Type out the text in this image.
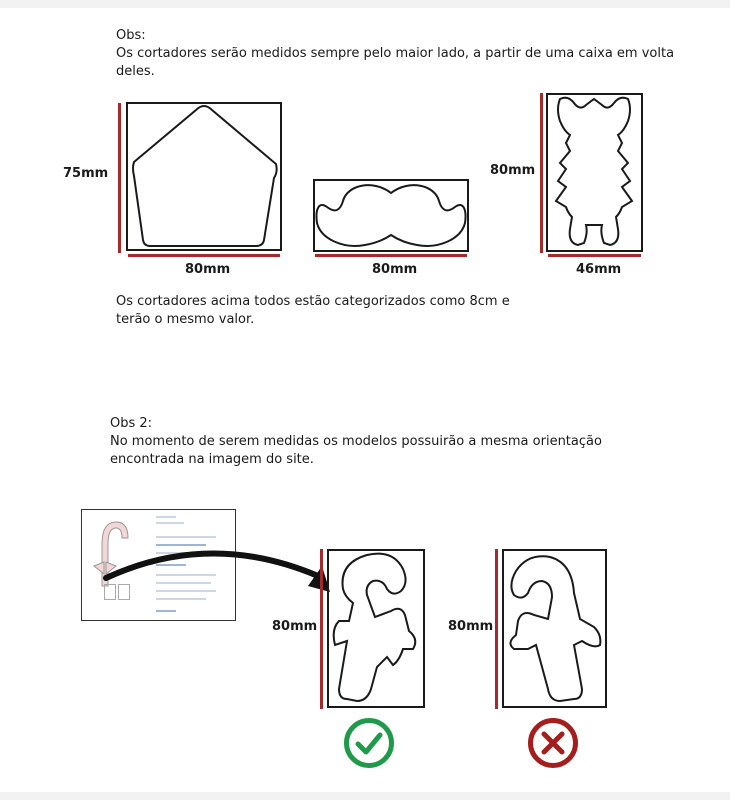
Obs:
Os cortadores serão medidos sempre pelo maior lado, a partir de uma caixa em volta deles.
75mm
80mm	80mm
80mm
46mm
Os cortadores acima todos estão categorizados como 8cm e terão o mesmo valor.
Obs 2:
No momento de serem medidas os modelos possuirão a mesma orientação encontrada na imagem do site.
80mm	80mm
